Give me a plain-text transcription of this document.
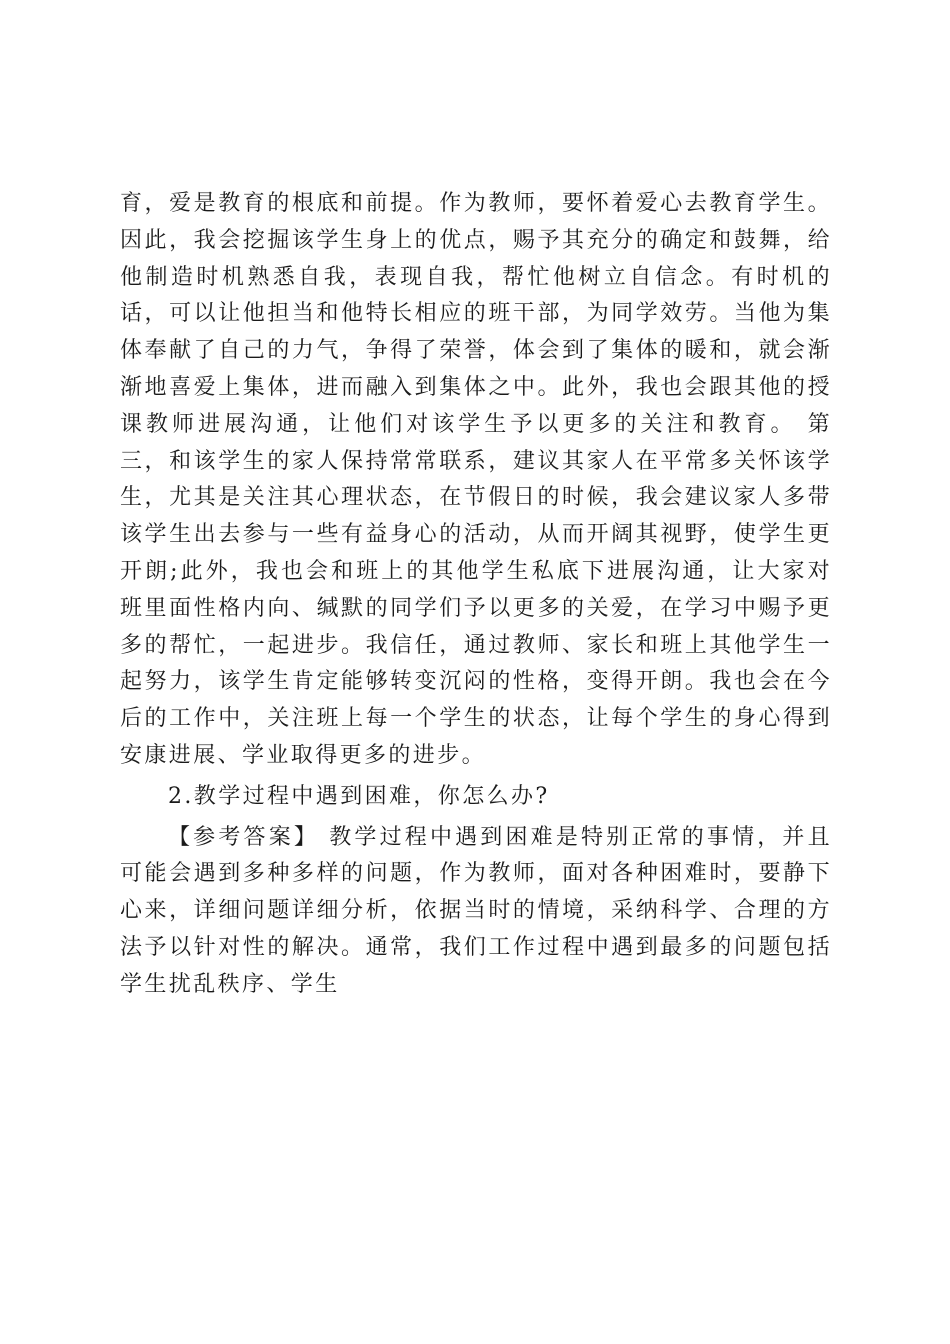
育，爱是教育的根底和前提。作为教师，要怀着爱心去教育学生。因此，我会挖掘该学生身上的优点，赐予其充分的确定和鼓舞，给他制造时机熟悉自我，表现自我，帮忙他树立自信念。有时机的话，可以让他担当和他特长相应的班干部，为同学效劳。当他为集体奉献了自己的力气，争得了荣誉，体会到了集体的暖和，就会渐渐地喜爱上集体，进而融入到集体之中。此外，我也会跟其他的授课教师进展沟通，让他们对该学生予以更多的关注和教育。 第三，和该学生的家人保持常常联系，建议其家人在平常多关怀该学生，尤其是关注其心理状态，在节假日的时候，我会建议家人多带该学生出去参与一些有益身心的活动，从而开阔其视野，使学生更开朗;此外，我也会和班上的其他学生私底下进展沟通，让大家对班里面性格内向、缄默的同学们予以更多的关爱，在学习中赐予更多的帮忙，一起进步。我信任，通过教师、家长和班上其他学生一起努力，该学生肯定能够转变沉闷的性格，变得开朗。我也会在今后的工作中，关注班上每一个学生的状态，让每个学生的身心得到安康进展、学业取得更多的进步。

2.教学过程中遇到困难，你怎么办?

【参考答案】 教学过程中遇到困难是特别正常的事情，并且可能会遇到多种多样的问题，作为教师，面对各种困难时，要静下心来，详细问题详细分析，依据当时的情境，采纳科学、合理的方法予以针对性的解决。通常，我们工作过程中遇到最多的问题包括学生扰乱秩序、学生
